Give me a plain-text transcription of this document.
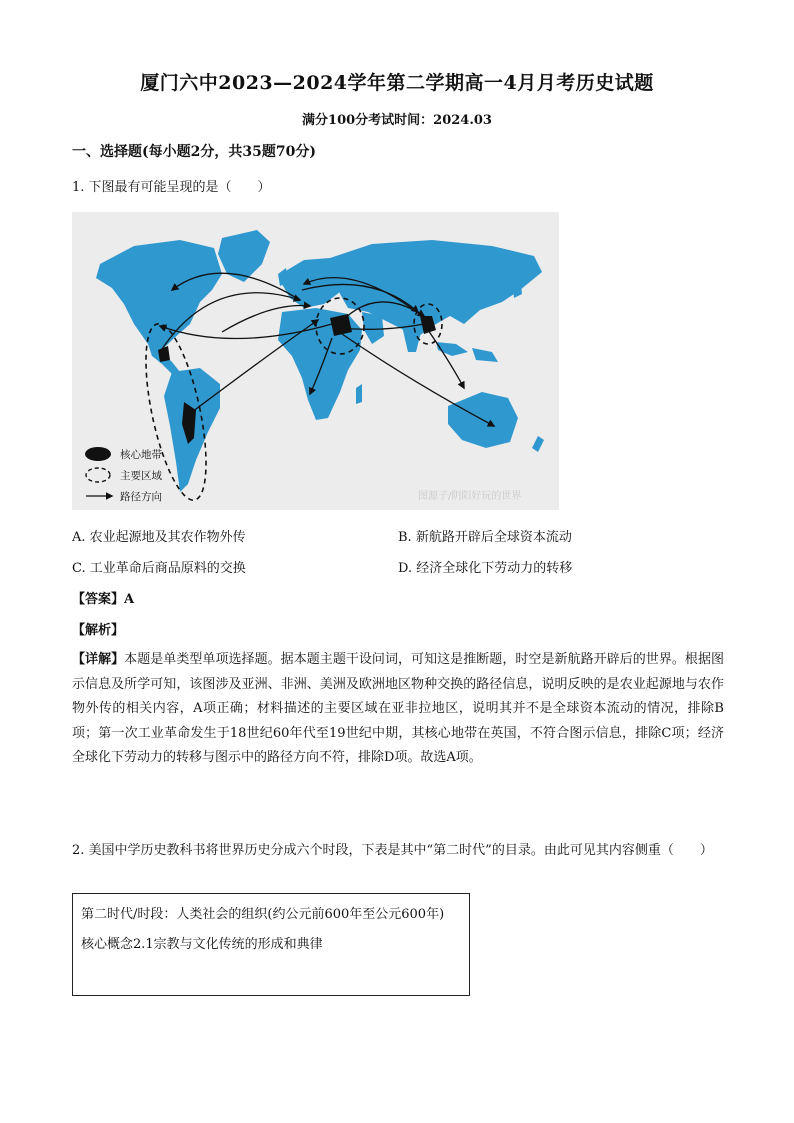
厦门六中2023—2024学年第二学期高一4月月考历史试题
满分100分考试时间：2024.03
一、选择题(每小题2分，共35题70分)
1. 下图最有可能呈现的是（　　）
核心地带
主要区域
路径方向	图源子/阴阳好玩的世界
A. 农业起源地及其农作物外传	B. 新航路开辟后全球资本流动
C. 工业革命后商品原料的交换	D. 经济全球化下劳动力的转移
【答案】A
【解析】
【详解】本题是单类型单项选择题。据本题主题干设问词，可知这是推断题，时空是新航路开辟后的世界。根据图示信息及所学可知，该图涉及亚洲、非洲、美洲及欧洲地区物种交换的路径信息，说明反映的是农业起源地与农作物外传的相关内容，A项正确；材料描述的主要区域在亚非拉地区，说明其并不是全球资本流动的情况，排除B项；第一次工业革命发生于18世纪60年代至19世纪中期，其核心地带在英国，不符合图示信息，排除C项；经济全球化下劳动力的转移与图示中的路径方向不符，排除D项。故选A项。
2. 美国中学历史教科书将世界历史分成六个时段，下表是其中“第二时代”的目录。由此可见其内容侧重（　　）
第二时代/时段：人类社会的组织(约公元前600年至公元600年)
核心概念2.1宗教与文化传统的形成和典律
